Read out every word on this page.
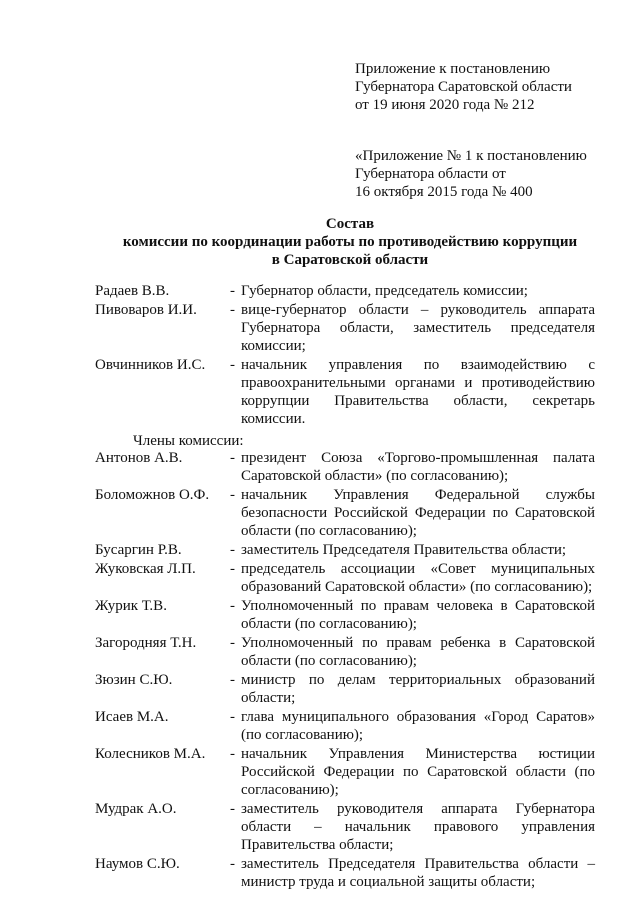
Приложение к постановлению
Губернатора Саратовской области
от 19 июня 2020 года № 212
«Приложение № 1 к постановлению
Губернатора области от
16 октября 2015 года № 400
Состав
комиссии по координации работы по противодействию коррупции
в Саратовской области
Радаев В.В.	- Губернатор области, председатель комиссии;
Пивоваров И.И.	- вице-губернатор области – руководитель аппарата Губернатора области, заместитель председателя комиссии;
Овчинников И.С.	- начальник управления по взаимодействию с правоохранительными органами и противодействию коррупции Правительства области, секретарь комиссии.
Члены комиссии:
Антонов А.В.	- президент Союза «Торгово-промышленная палата Саратовской области» (по согласованию);
Боломожнов О.Ф.	- начальник Управления Федеральной службы безопасности Российской Федерации по Саратовской области (по согласованию);
Бусаргин Р.В.	- заместитель Председателя Правительства области;
Жуковская Л.П.	- председатель ассоциации «Совет муниципальных образований Саратовской области» (по согласованию);
Журик Т.В.	- Уполномоченный по правам человека в Саратовской области (по согласованию);
Загородняя Т.Н.	- Уполномоченный по правам ребенка в Саратовской области (по согласованию);
Зюзин С.Ю.	- министр по делам территориальных образований области;
Исаев М.А.	- глава муниципального образования «Город Саратов» (по согласованию);
Колесников М.А.	- начальник Управления Министерства юстиции Российской Федерации по Саратовской области (по согласованию);
Мудрак А.О.	- заместитель руководителя аппарата Губернатора области – начальник правового управления Правительства области;
Наумов С.Ю.	- заместитель Председателя Правительства области – министр труда и социальной защиты области;
